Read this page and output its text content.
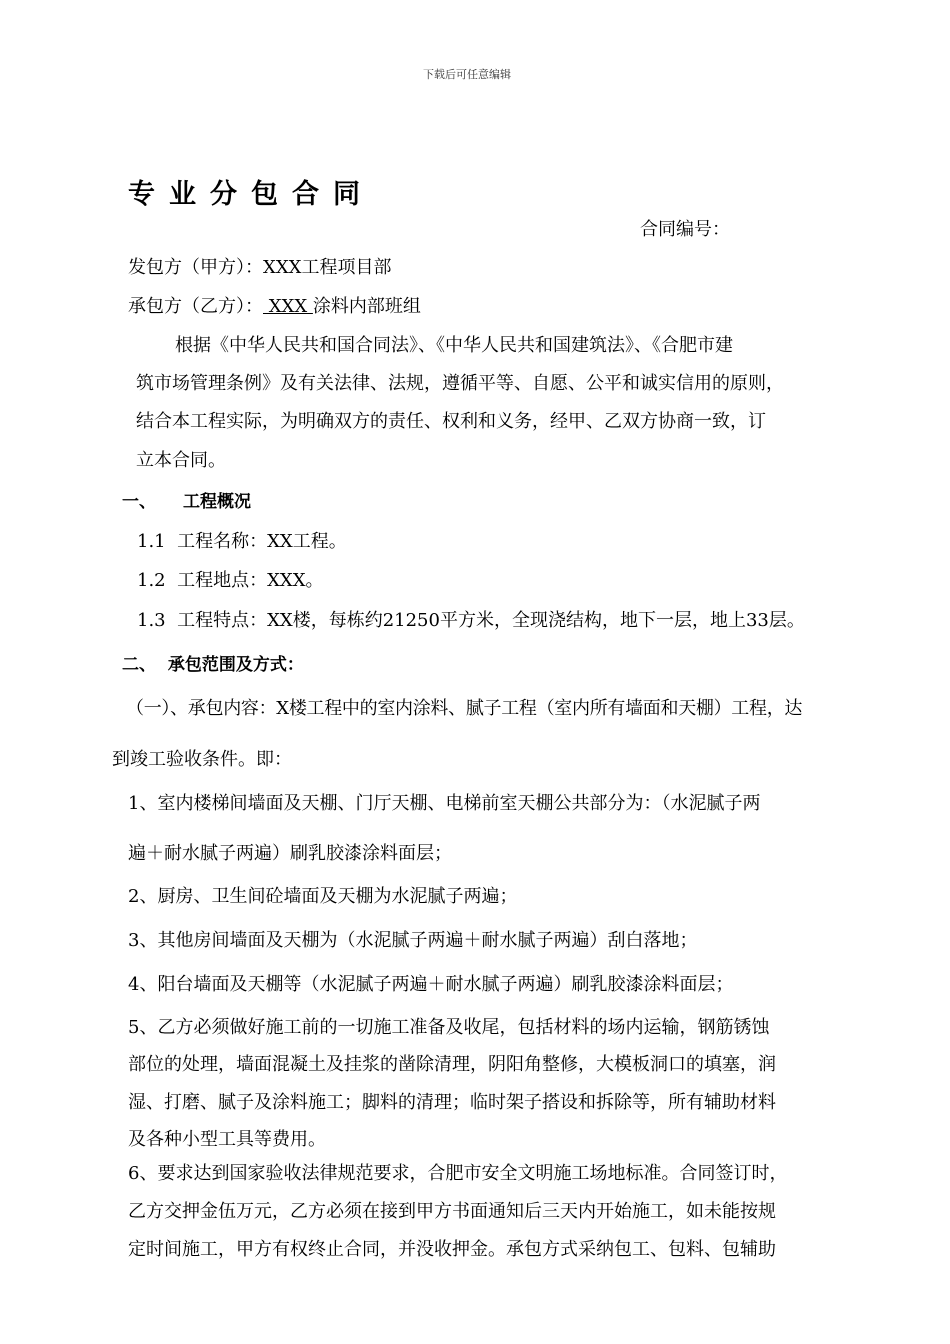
下载后可任意编辑
专业分包合同
合同编号：
发包方（甲方）：XXX工程项目部
承包方（乙方）： XXX 涂料内部班组
根据《中华人民共和国合同法》、《中华人民共和国建筑法》、《合肥市建
筑市场管理条例》及有关法律、法规，遵循平等、自愿、公平和诚实信用的原则，
结合本工程实际，为明确双方的责任、权利和义务，经甲、乙双方协商一致，订
立本合同。
一、 工程概况
1.1  工程名称：XX工程。
1.2  工程地点：XXX。
1.3  工程特点：XX楼，每栋约21250平方米，全现浇结构，地下一层，地上33层。
二、  承包范围及方式：
（一）、承包内容：X楼工程中的室内涂料、腻子工程（室内所有墙面和天棚）工程，达
到竣工验收条件。即：
1、室内楼梯间墙面及天棚、门厅天棚、电梯前室天棚公共部分为：（水泥腻子两
遍＋耐水腻子两遍）刷乳胶漆涂料面层；
2、厨房、卫生间砼墙面及天棚为水泥腻子两遍；
3、其他房间墙面及天棚为（水泥腻子两遍＋耐水腻子两遍）刮白落地；
4、阳台墙面及天棚等（水泥腻子两遍＋耐水腻子两遍）刷乳胶漆涂料面层；
5、乙方必须做好施工前的一切施工准备及收尾，包括材料的场内运输，钢筋锈蚀
部位的处理，墙面混凝土及挂浆的凿除清理，阴阳角整修，大模板洞口的填塞，润
湿、打磨、腻子及涂料施工；脚料的清理；临时架子搭设和拆除等，所有辅助材料
及各种小型工具等费用。
6、要求达到国家验收法律规范要求，合肥市安全文明施工场地标准。合同签订时，
乙方交押金伍万元，乙方必须在接到甲方书面通知后三天内开始施工，如未能按规
定时间施工，甲方有权终止合同，并没收押金。承包方式采纳包工、包料、包辅助
